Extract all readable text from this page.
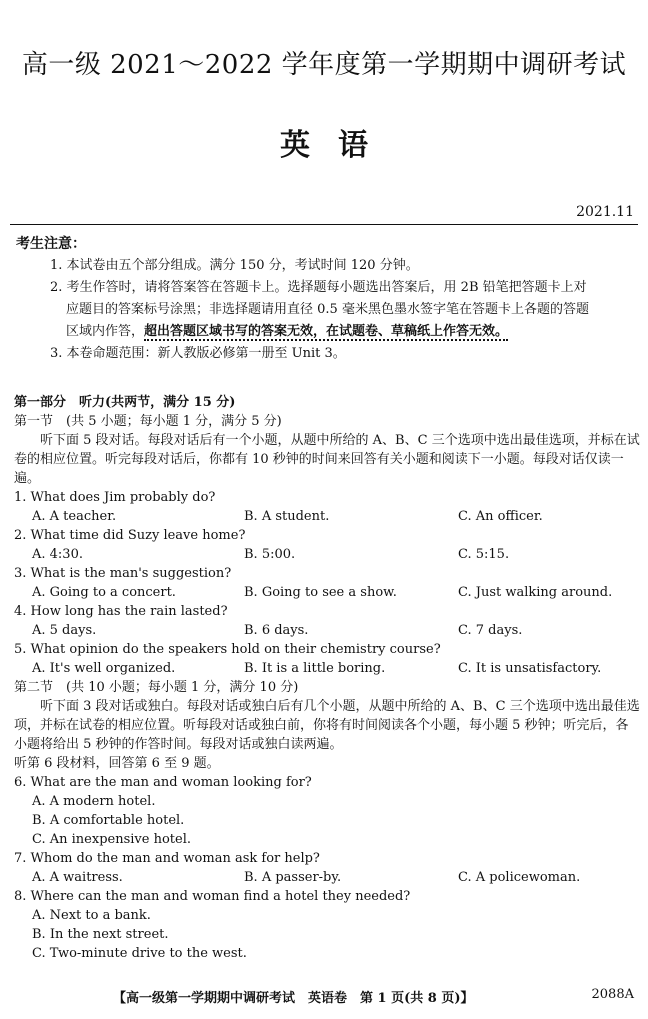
高一级 2021～2022 学年度第一学期期中调研考试
英语
2021.11
考生注意：
1. 本试卷由五个部分组成。满分 150 分，考试时间 120 分钟。
2. 考生作答时，请将答案答在答题卡上。选择题每小题选出答案后，用 2B 铅笔把答题卡上对
应题目的答案标号涂黑；非选择题请用直径 0.5 毫米黑色墨水签字笔在答题卡上各题的答题
区域内作答，超出答题区域书写的答案无效，在试题卷、草稿纸上作答无效。
3. 本卷命题范围：新人教版必修第一册至 Unit 3。
第一部分　听力(共两节，满分 15 分)
第一节　(共 5 小题；每小题 1 分，满分 5 分)
听下面 5 段对话。每段对话后有一个小题，从题中所给的 A、B、C 三个选项中选出最佳选项，并标在试卷的相应位置。听完每段对话后，你都有 10 秒钟的时间来回答有关小题和阅读下一小题。每段对话仅读一遍。
1. What does Jim probably do?
A. A teacher.	B. A student.	C. An officer.
2. What time did Suzy leave home?
A. 4:30.	B. 5:00.	C. 5:15.
3. What is the man's suggestion?
A. Going to a concert.	B. Going to see a show.	C. Just walking around.
4. How long has the rain lasted?
A. 5 days.	B. 6 days.	C. 7 days.
5. What opinion do the speakers hold on their chemistry course?
A. It's well organized.	B. It is a little boring.	C. It is unsatisfactory.
第二节　(共 10 小题；每小题 1 分，满分 10 分)
听下面 3 段对话或独白。每段对话或独白后有几个小题，从题中所给的 A、B、C 三个选项中选出最佳选项，并标在试卷的相应位置。听每段对话或独白前，你将有时间阅读各个小题，每小题 5 秒钟；听完后，各小题将给出 5 秒钟的作答时间。每段对话或独白读两遍。
听第 6 段材料，回答第 6 至 9 题。
6. What are the man and woman looking for?
A. A modern hotel.
B. A comfortable hotel.
C. An inexpensive hotel.
7. Whom do the man and woman ask for help?
A. A waitress.	B. A passer-by.	C. A policewoman.
8. Where can the man and woman find a hotel they needed?
A. Next to a bank.
B. In the next street.
C. Two-minute drive to the west.
【高一级第一学期期中调研考试　英语卷　第 1 页(共 8 页)】	2088A
